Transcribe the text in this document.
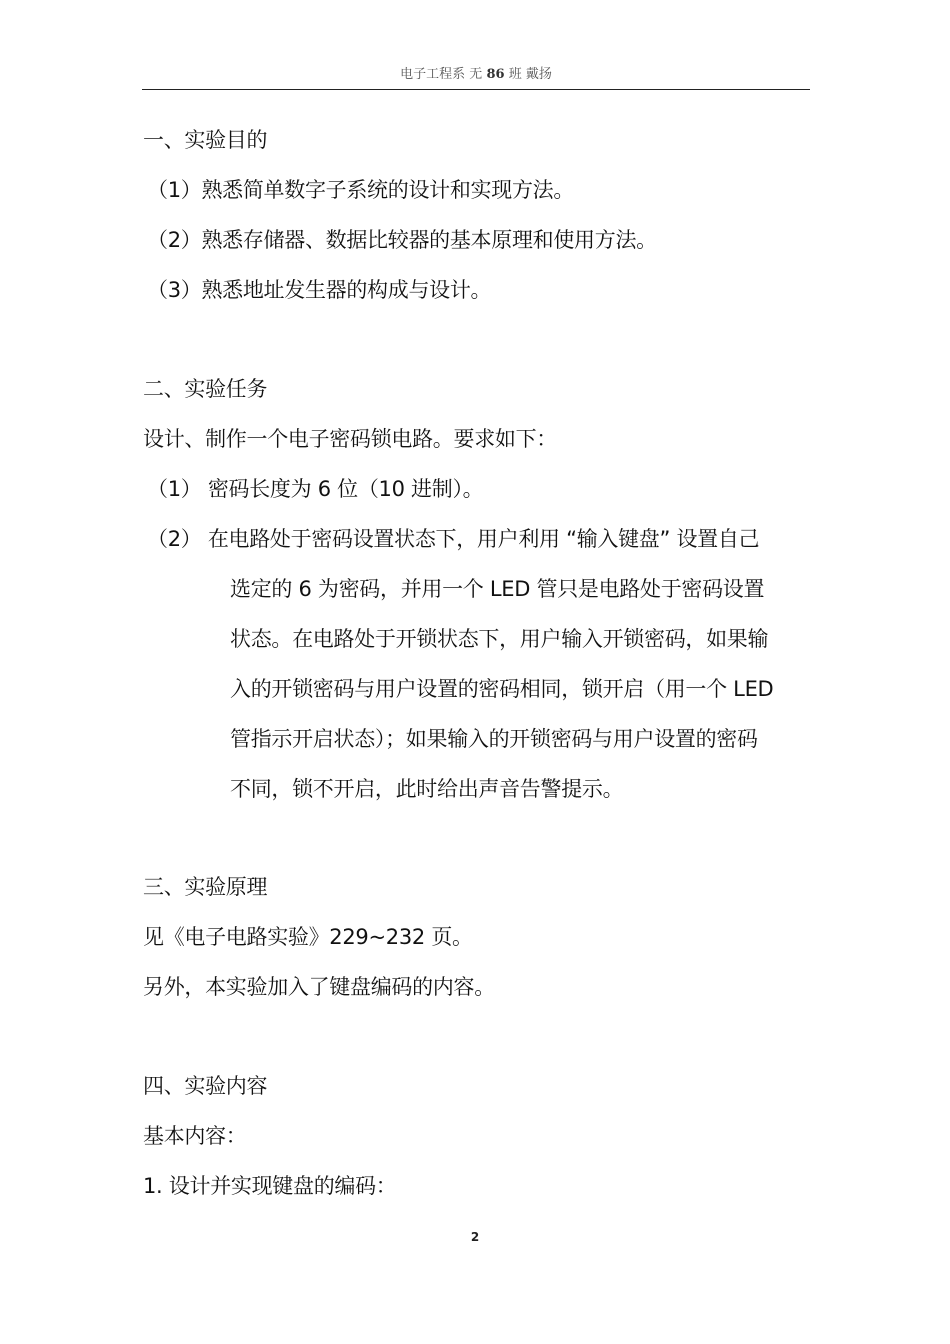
电子工程系 无 86 班 戴扬
一、实验目的
（1）熟悉简单数字子系统的设计和实现方法。
（2）熟悉存储器、数据比较器的基本原理和使用方法。
（3）熟悉地址发生器的构成与设计。
二、实验任务
设计、制作一个电子密码锁电路。要求如下：
（1） 密码长度为 6 位（10 进制）。
（2） 在电路处于密码设置状态下，用户利用 “输入键盘” 设置自己
选定的 6 为密码，并用一个 LED 管只是电路处于密码设置
状态。在电路处于开锁状态下，用户输入开锁密码，如果输
入的开锁密码与用户设置的密码相同，锁开启（用一个 LED
管指示开启状态）；如果输入的开锁密码与用户设置的密码
不同，锁不开启，此时给出声音告警提示。
三、实验原理
见《电子电路实验》229~232 页。
另外，本实验加入了键盘编码的内容。
四、实验内容
基本内容：
1. 设计并实现键盘的编码：
2
